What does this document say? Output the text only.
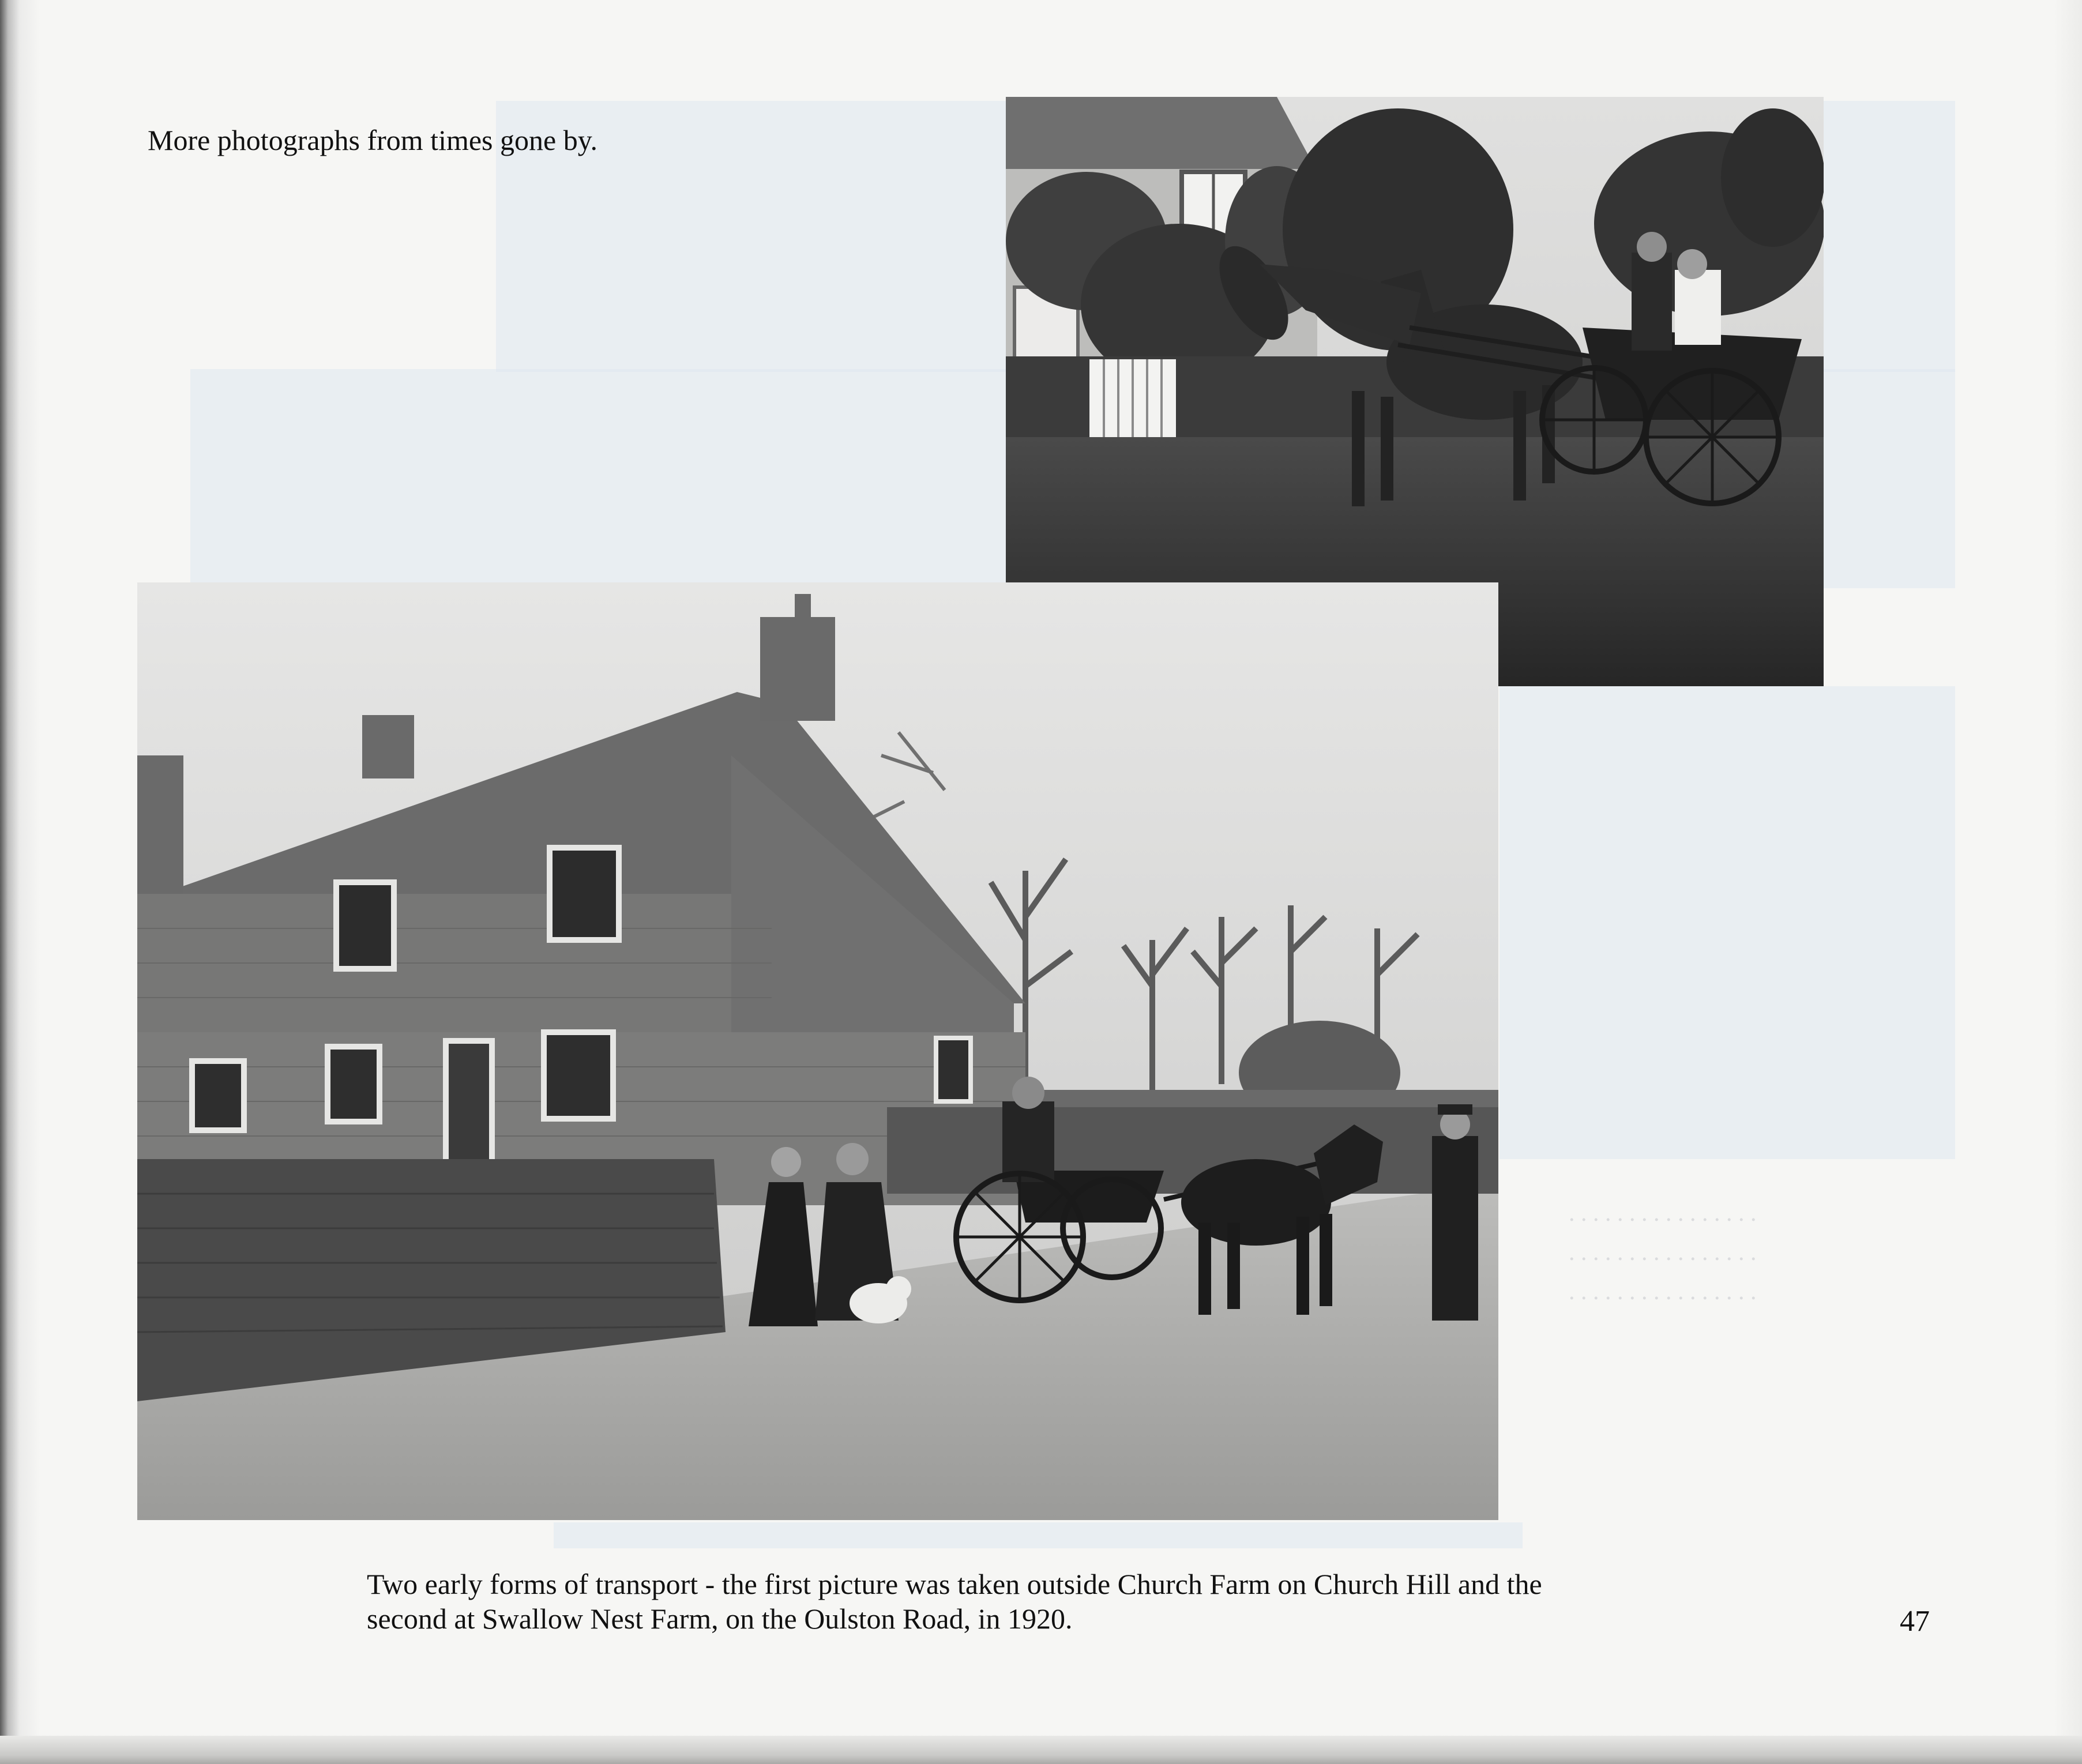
. . . . . . . . . . . . . . . .
. . . . . . . . . . . . . . . .
. . . . . . . . . . . . . . . .
More photographs from times gone by.
Two early forms of transport - the first picture was taken outside Church Farm on Church Hill and the
second at Swallow Nest Farm, on the Oulston Road, in 1920.	47
